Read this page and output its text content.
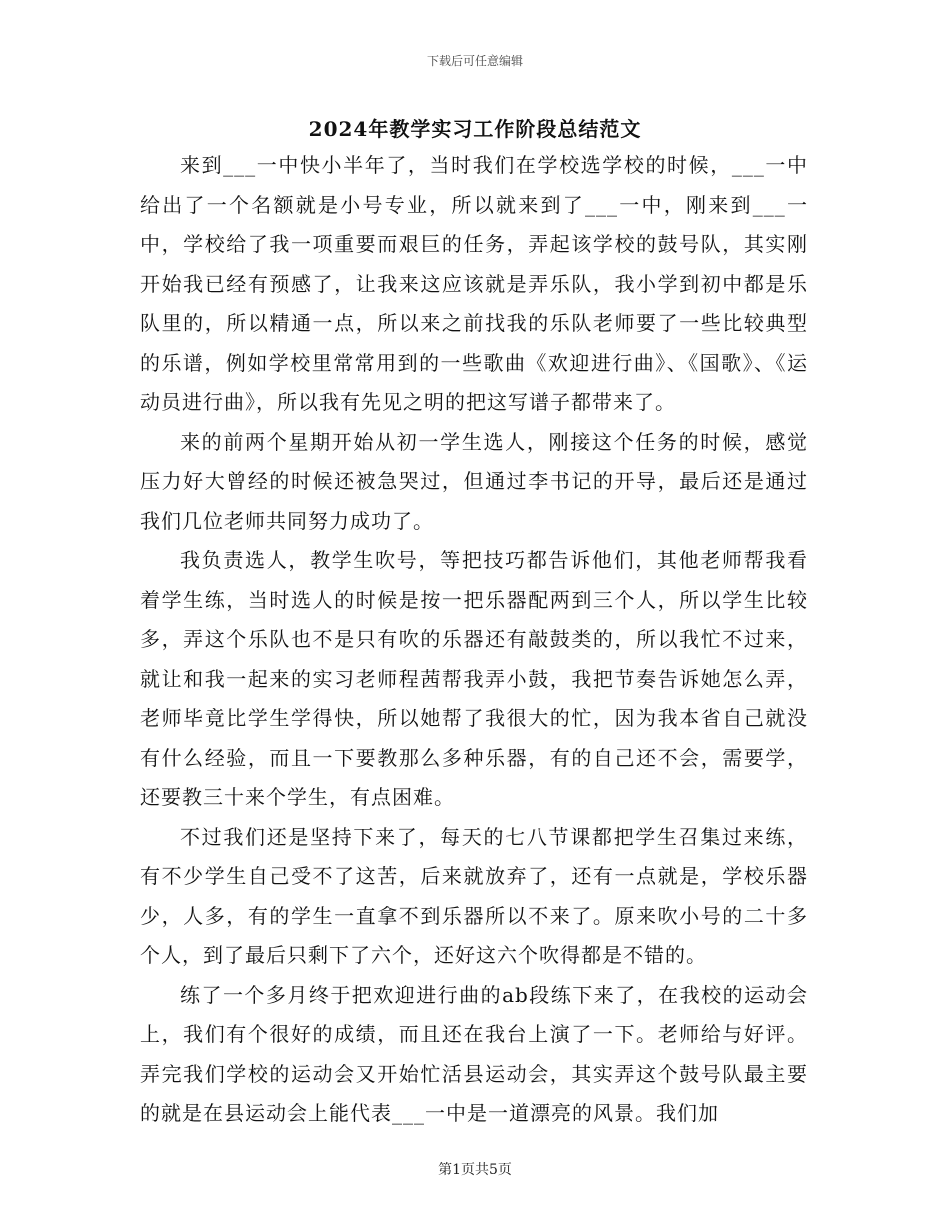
下载后可任意编辑
2024年教学实习工作阶段总结范文

来到___一中快小半年了，当时我们在学校选学校的时候，___一中给出了一个名额就是小号专业，所以就来到了___一中，刚来到___一中，学校给了我一项重要而艰巨的任务，弄起该学校的鼓号队，其实刚开始我已经有预感了，让我来这应该就是弄乐队，我小学到初中都是乐队里的，所以精通一点，所以来之前找我的乐队老师要了一些比较典型的乐谱，例如学校里常常用到的一些歌曲《欢迎进行曲》、《国歌》、《运动员进行曲》，所以我有先见之明的把这写谱子都带来了。

来的前两个星期开始从初一学生选人，刚接这个任务的时候，感觉压力好大曾经的时候还被急哭过，但通过李书记的开导，最后还是通过我们几位老师共同努力成功了。

我负责选人，教学生吹号，等把技巧都告诉他们，其他老师帮我看着学生练，当时选人的时候是按一把乐器配两到三个人，所以学生比较多，弄这个乐队也不是只有吹的乐器还有敲鼓类的，所以我忙不过来，就让和我一起来的实习老师程茜帮我弄小鼓，我把节奏告诉她怎么弄，老师毕竟比学生学得快，所以她帮了我很大的忙，因为我本省自己就没有什么经验，而且一下要教那么多种乐器，有的自己还不会，需要学，还要教三十来个学生，有点困难。

不过我们还是坚持下来了，每天的七八节课都把学生召集过来练，有不少学生自己受不了这苦，后来就放弃了，还有一点就是，学校乐器少，人多，有的学生一直拿不到乐器所以不来了。原来吹小号的二十多个人，到了最后只剩下了六个，还好这六个吹得都是不错的。

练了一个多月终于把欢迎进行曲的ab段练下来了，在我校的运动会上，我们有个很好的成绩，而且还在我台上演了一下。老师给与好评。弄完我们学校的运动会又开始忙活县运动会，其实弄这个鼓号队最主要的就是在县运动会上能代表___一中是一道漂亮的风景。我们加

第1页共5页
